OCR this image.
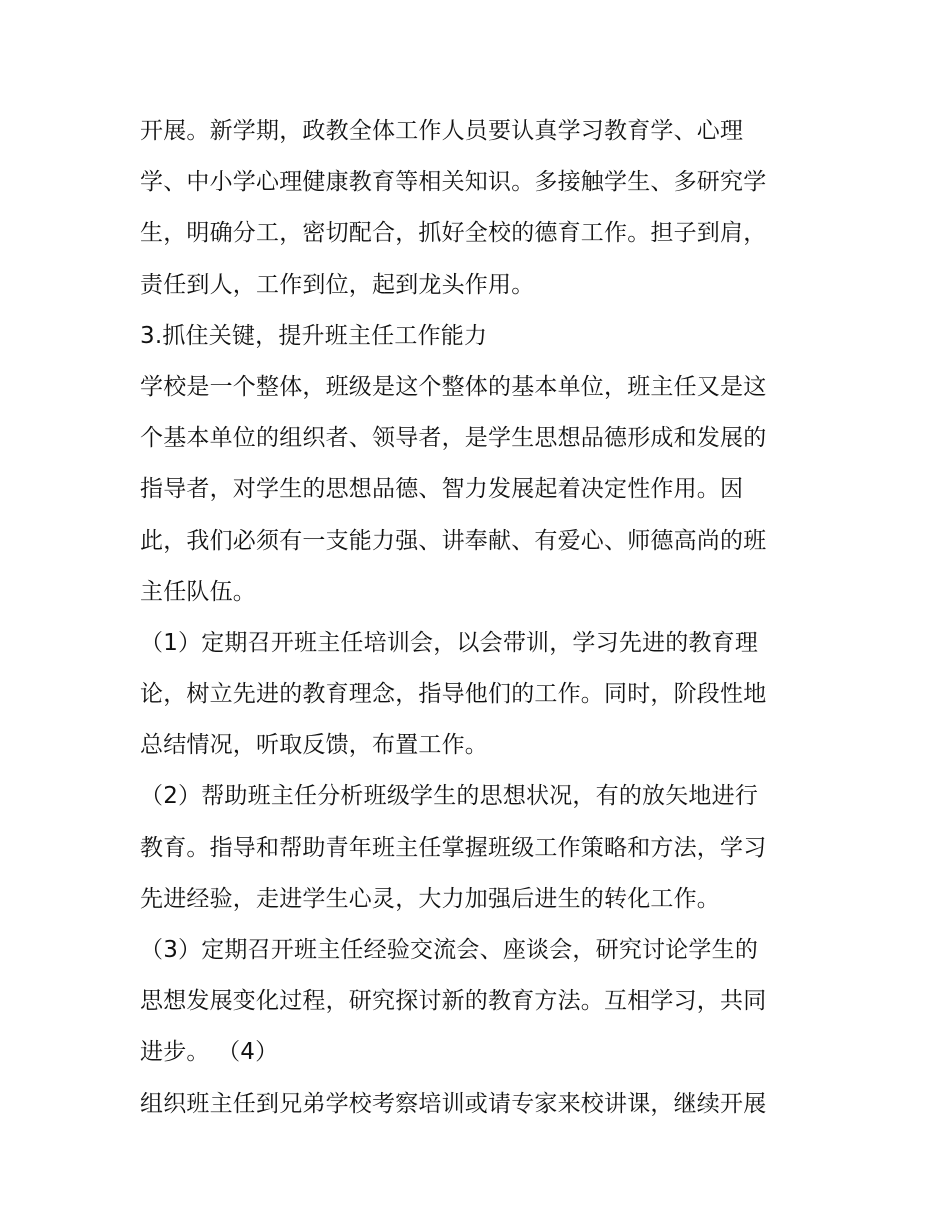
开展。新学期，政教全体工作人员要认真学习教育学、心理
学、中小学心理健康教育等相关知识。多接触学生、多研究学
生，明确分工，密切配合，抓好全校的德育工作。担子到肩，
责任到人，工作到位，起到龙头作用。
3.抓住关键，提升班主任工作能力
学校是一个整体，班级是这个整体的基本单位，班主任又是这
个基本单位的组织者、领导者，是学生思想品德形成和发展的
指导者，对学生的思想品德、智力发展起着决定性作用。因
此，我们必须有一支能力强、讲奉献、有爱心、师德高尚的班
主任队伍。
（1）定期召开班主任培训会，以会带训，学习先进的教育理
论，树立先进的教育理念，指导他们的工作。同时，阶段性地
总结情况，听取反馈，布置工作。
（2）帮助班主任分析班级学生的思想状况，有的放矢地进行
教育。指导和帮助青年班主任掌握班级工作策略和方法，学习
先进经验，走进学生心灵，大力加强后进生的转化工作。
（3）定期召开班主任经验交流会、座谈会，研究讨论学生的
思想发展变化过程，研究探讨新的教育方法。互相学习，共同
进步。 （4）
组织班主任到兄弟学校考察培训或请专家来校讲课，继续开展
